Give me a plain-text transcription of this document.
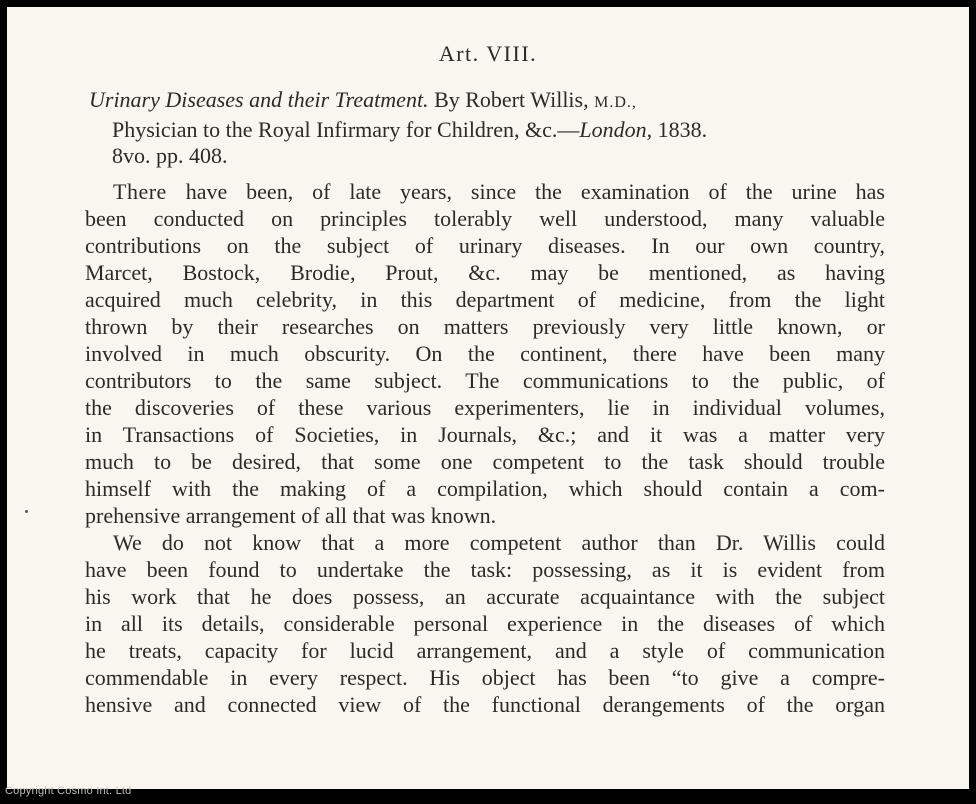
Art. VIII.
Urinary Diseases and their Treatment. By Robert Willis, M.D.,
Physician to the Royal Infirmary for Children, &c.—London, 1838.
8vo. pp. 408.
There have been, of late years, since the examination of the urine has
been conducted on principles tolerably well understood, many valuable
contributions on the subject of urinary diseases. In our own country,
Marcet, Bostock, Brodie, Prout, &c. may be mentioned, as having
acquired much celebrity, in this department of medicine, from the light
thrown by their researches on matters previously very little known, or
involved in much obscurity. On the continent, there have been many
contributors to the same subject. The communications to the public, of
the discoveries of these various experimenters, lie in individual volumes,
in Transactions of Societies, in Journals, &c.; and it was a matter very
much to be desired, that some one competent to the task should trouble
himself with the making of a compilation, which should contain a com-
prehensive arrangement of all that was known.
We do not know that a more competent author than Dr. Willis could
have been found to undertake the task: possessing, as it is evident from
his work that he does possess, an accurate acquaintance with the subject
in all its details, considerable personal experience in the diseases of which
he treats, capacity for lucid arrangement, and a style of communication
commendable in every respect. His object has been “to give a compre-
hensive and connected view of the functional derangements of the organ
Copyright Cosmo Int. Ltd
